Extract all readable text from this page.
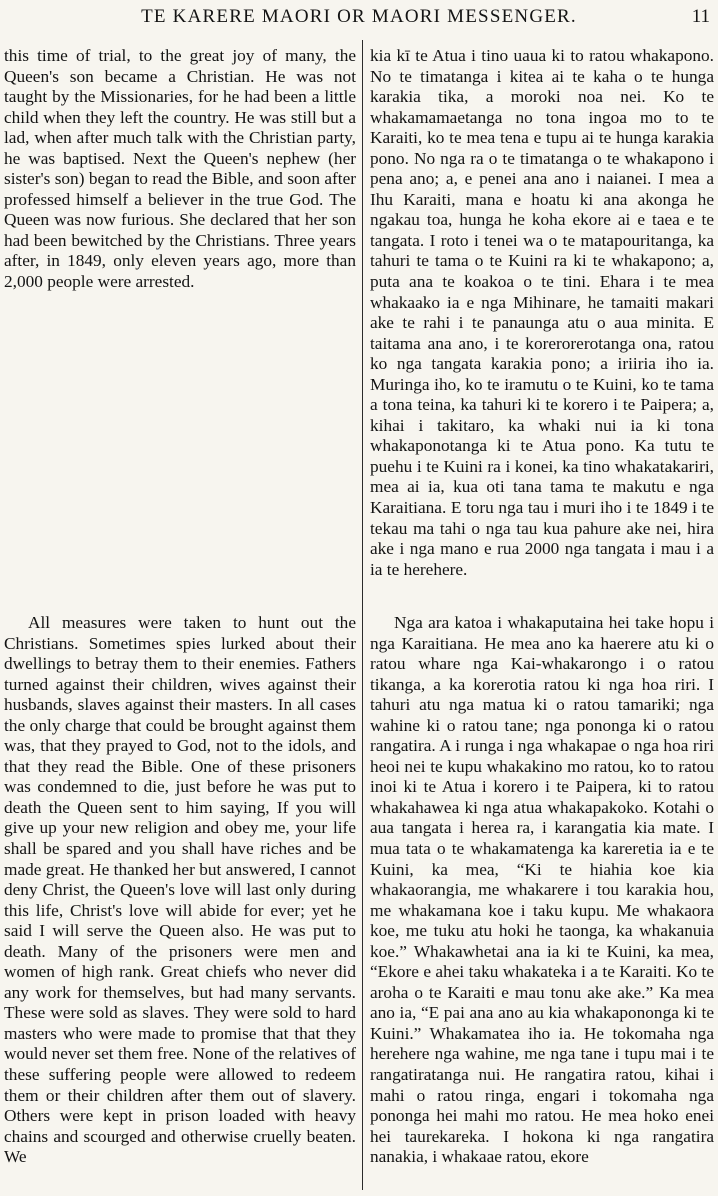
TE KARERE MAORI OR MAORI MESSENGER.	11

this time of trial, to the great joy of many, the Queen's son became a Christian. He was not taught by the Missionaries, for he had been a little child when they left the country. He was still but a lad, when after much talk with the Christian party, he was baptised. Next the Queen's nephew (her sister's son) began to read the Bible, and soon after professed himself a believer in the true God. The Queen was now furious. She declared that her son had been bewitched by the Christians. Three years after, in 1849, only eleven years ago, more than 2,000 people were arrested.

All measures were taken to hunt out the Christians. Sometimes spies lurked about their dwellings to betray them to their enemies. Fathers turned against their children, wives against their husbands, slaves against their masters. In all cases the only charge that could be brought against them was, that they prayed to God, not to the idols, and that they read the Bible. One of these prisoners was condemned to die, just before he was put to death the Queen sent to him saying, If you will give up your new religion and obey me, your life shall be spared and you shall have riches and be made great. He thanked her but answered, I cannot deny Christ, the Queen's love will last only during this life, Christ's love will abide for ever; yet he said I will serve the Queen also. He was put to death. Many of the prisoners were men and women of high rank. Great chiefs who never did any work for themselves, but had many servants. These were sold as slaves. They were sold to hard masters who were made to promise that that they would never set them free. None of the relatives of these suffering people were allowed to redeem them or their children after them out of slavery. Others were kept in prison loaded with heavy chains and scourged and otherwise cruelly beaten. We

kia kī te Atua i tino uaua ki to ratou whakapono. No te timatanga i kitea ai te kaha o te hunga karakia tika, a moroki noa nei. Ko te whakamamaetanga no tona ingoa mo to te Karaiti, ko te mea tena e tupu ai te hunga karakia pono. No nga ra o te timatanga o te whakapono i pena ano; a, e penei ana ano i naianei. I mea a Ihu Karaiti, mana e hoatu ki ana akonga he ngakau toa, hunga he koha ekore ai e taea e te tangata. I roto i tenei wa o te matapouritanga, ka tahuri te tama o te Kuini ra ki te whakapono; a, puta ana te koakoa o te tini. Ehara i te mea whakaako ia e nga Mihinare, he tamaiti makari ake te rahi i te panaunga atu o aua minita. E taitama ana ano, i te korerorerotanga ona, ratou ko nga tangata karakia pono; a iriiria iho ia. Muringa iho, ko te iramutu o te Kuini, ko te tama a tona teina, ka tahuri ki te korero i te Paipera; a, kihai i takitaro, ka whaki nui ia ki tona whakaponotanga ki te Atua pono. Ka tutu te puehu i te Kuini ra i konei, ka tino whakatakariri, mea ai ia, kua oti tana tama te makutu e nga Karaitiana. E toru nga tau i muri iho i te 1849 i te tekau ma tahi o nga tau kua pahure ake nei, hira ake i nga mano e rua 2000 nga tangata i mau i a ia te herehere.

Nga ara katoa i whakaputaina hei take hopu i nga Karaitiana. He mea ano ka haerere atu ki o ratou whare nga Kai-whakarongo i o ratou tikanga, a ka korerotia ratou ki nga hoa riri. I tahuri atu nga matua ki o ratou tamariki; nga wahine ki o ratou tane; nga pononga ki o ratou rangatira. A i runga i nga whakapae o nga hoa riri heoi nei te kupu whakakino mo ratou, ko to ratou inoi ki te Atua i korero i te Paipera, ki to ratou whakahawea ki nga atua whakapakoko. Kotahi o aua tangata i herea ra, i karangatia kia mate. I mua tata o te whakamatenga ka kareretia ia e te Kuini, ka mea, “Ki te hiahia koe kia whakaorangia, me whakarere i tou karakia hou, me whakamana koe i taku kupu. Me whakaora koe, me tuku atu hoki he taonga, ka whakanuia koe.” Whakawhetai ana ia ki te Kuini, ka mea, “Ekore e ahei taku whakateka i a te Karaiti. Ko te aroha o te Karaiti e mau tonu ake ake.” Ka mea ano ia, “E pai ana ano au kia whakapononga ki te Kuini.” Whakamatea iho ia. He tokomaha nga herehere nga wahine, me nga tane i tupu mai i te rangatiratanga nui. He rangatira ratou, kihai i mahi o ratou ringa, engari i tokomaha nga pononga hei mahi mo ratou. He mea hoko enei hei taurekareka. I hokona ki nga rangatira nanakia, i whakaae ratou, ekore
